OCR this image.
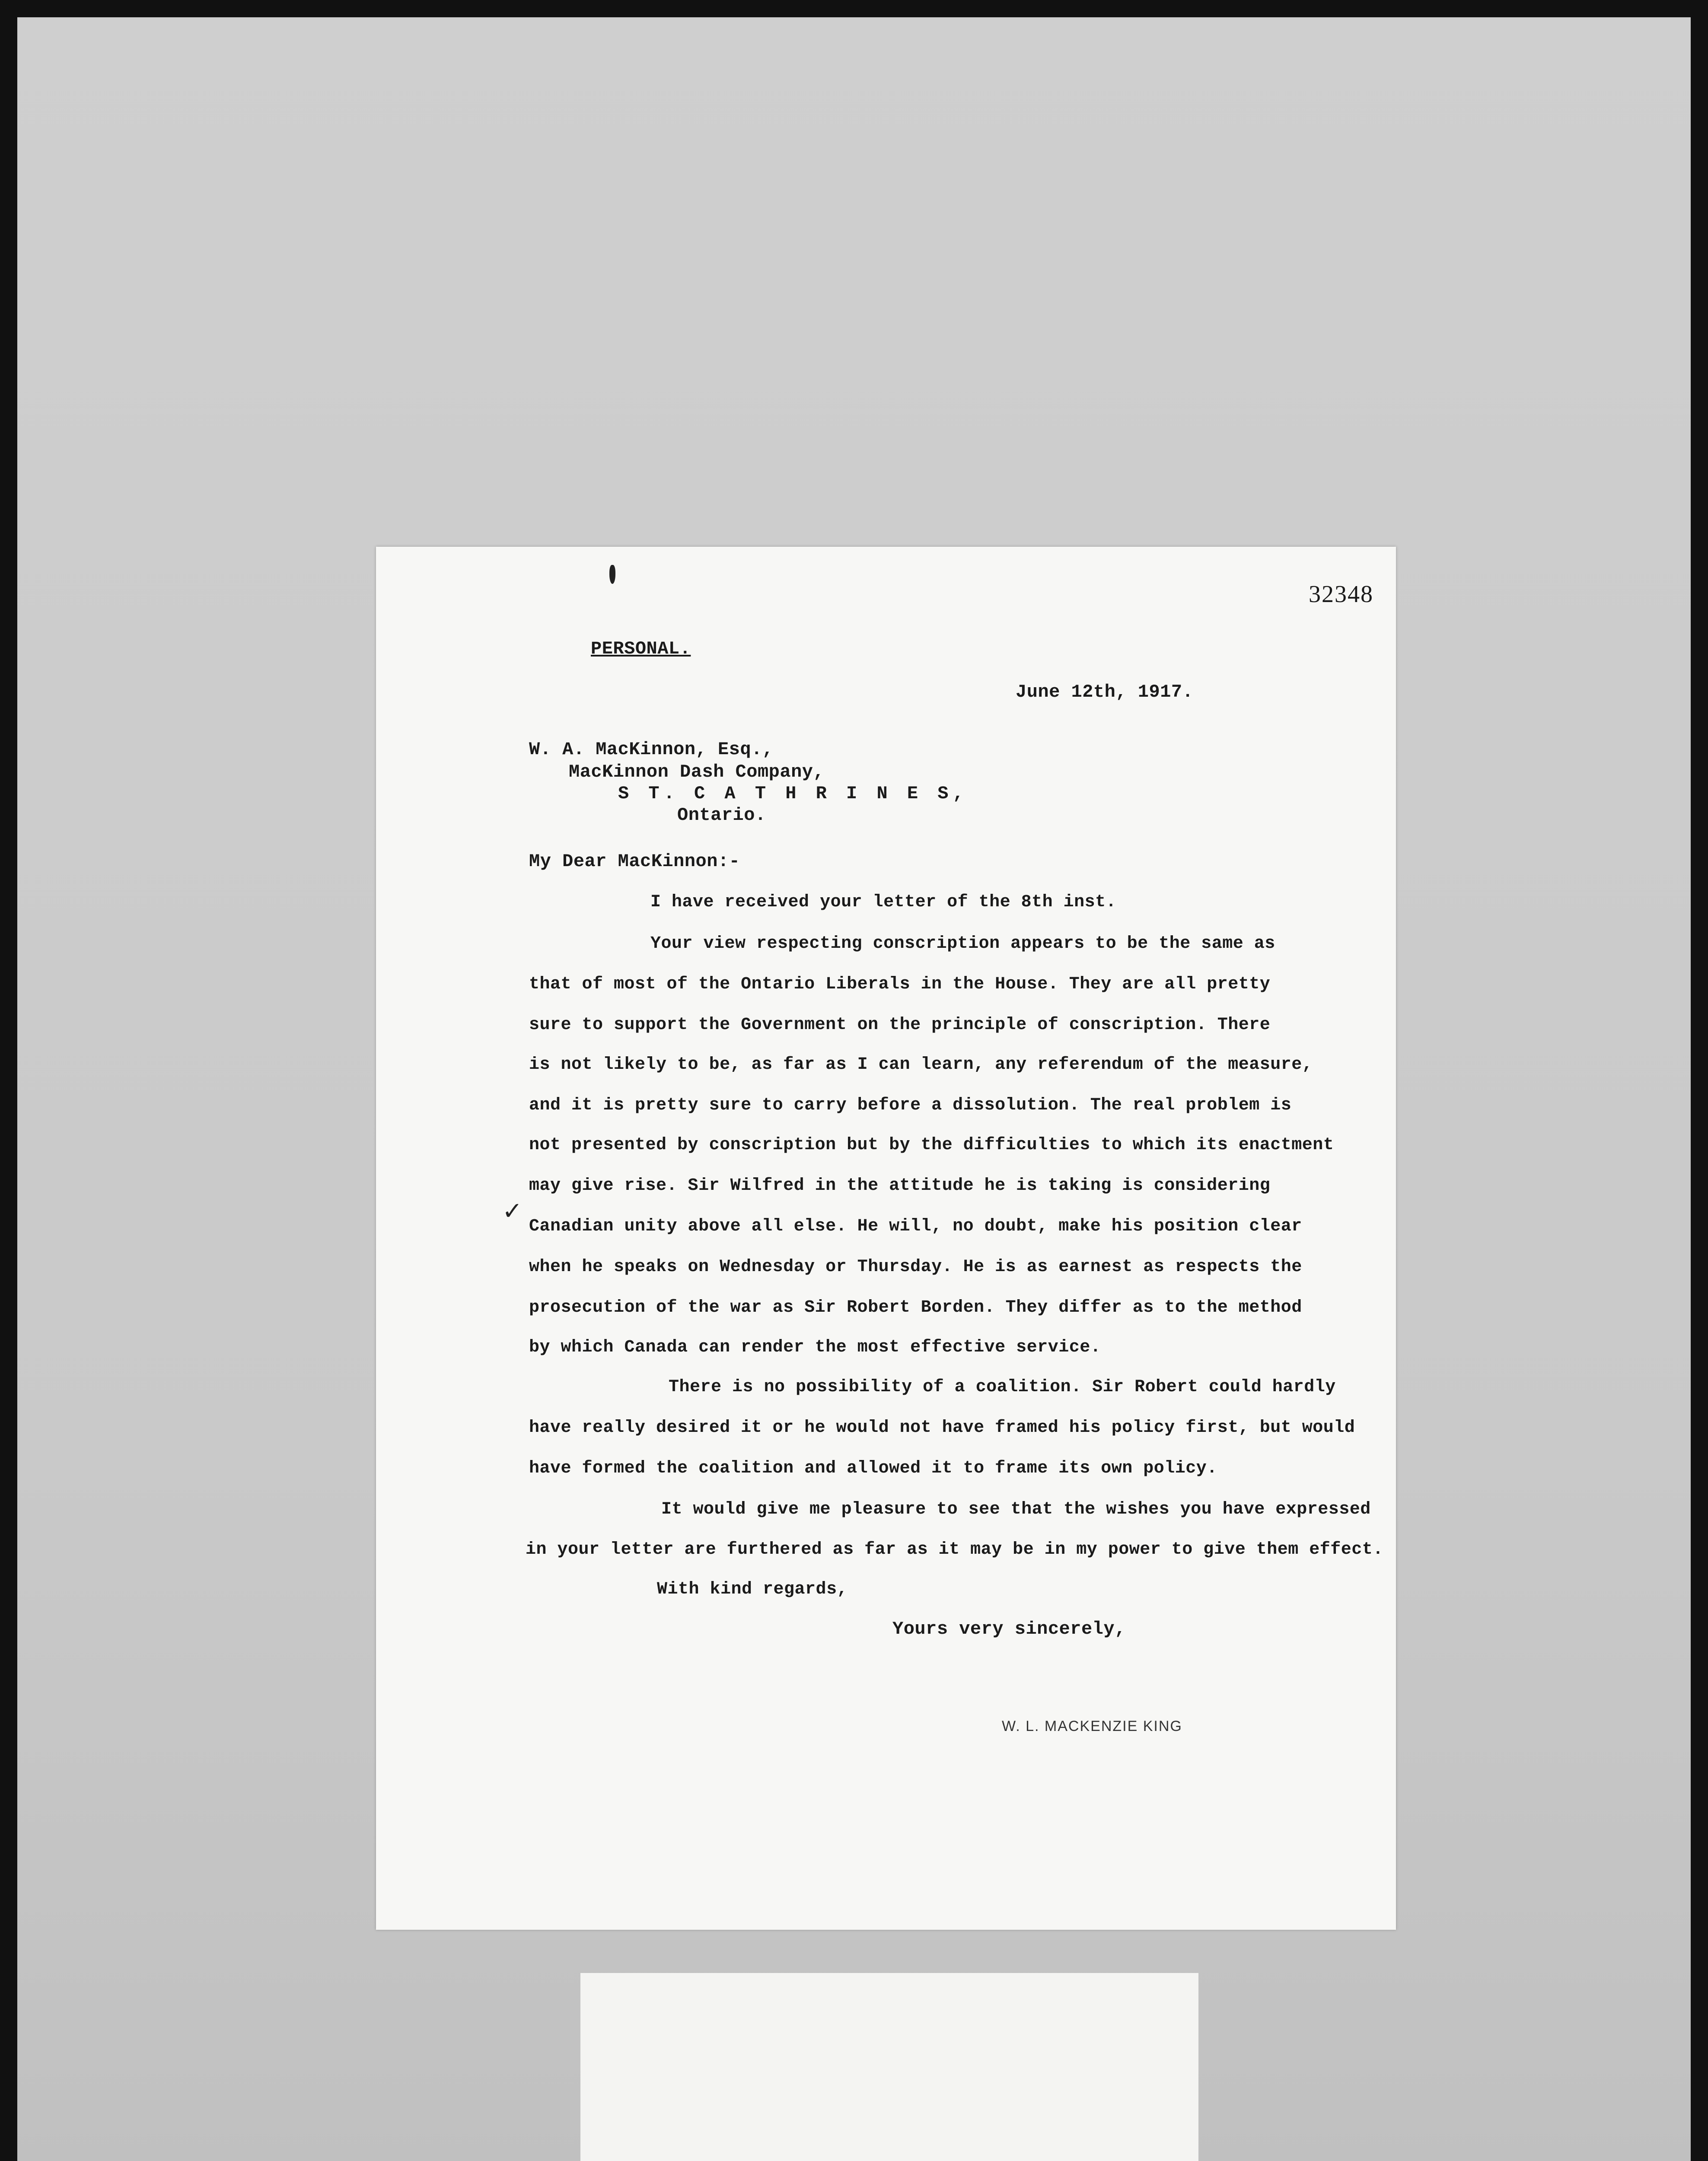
32348
PERSONAL.
June 12th, 1917.
W. A. MacKinnon, Esq.,
MacKinnon Dash Company,
S T. C A T H R I N E S,
Ontario.
My Dear MacKinnon:-
I have received your letter of the 8th inst.
Your view respecting conscription appears to be the same as
that of most of the Ontario Liberals in the House. They are all pretty
sure to support the Government on the principle of conscription. There
is not likely to be, as far as I can learn, any referendum of the measure,
and it is pretty sure to carry before a dissolution. The real problem is
not presented by conscription but by the difficulties to which its enactment
may give rise. Sir Wilfred in the attitude he is taking is considering
✓
Canadian unity above all else. He will, no doubt, make his position clear
when he speaks on Wednesday or Thursday. He is as earnest as respects the
prosecution of the war as Sir Robert Borden. They differ as to the method
by which Canada can render the most effective service.
There is no possibility of a coalition. Sir Robert could hardly
have really desired it or he would not have framed his policy first, but would
have formed the coalition and allowed it to frame its own policy.
It would give me pleasure to see that the wishes you have expressed
in your letter are furthered as far as it may be in my power to give them effect.
With kind regards,
Yours very sincerely,
W. L. MACKENZIE KING
